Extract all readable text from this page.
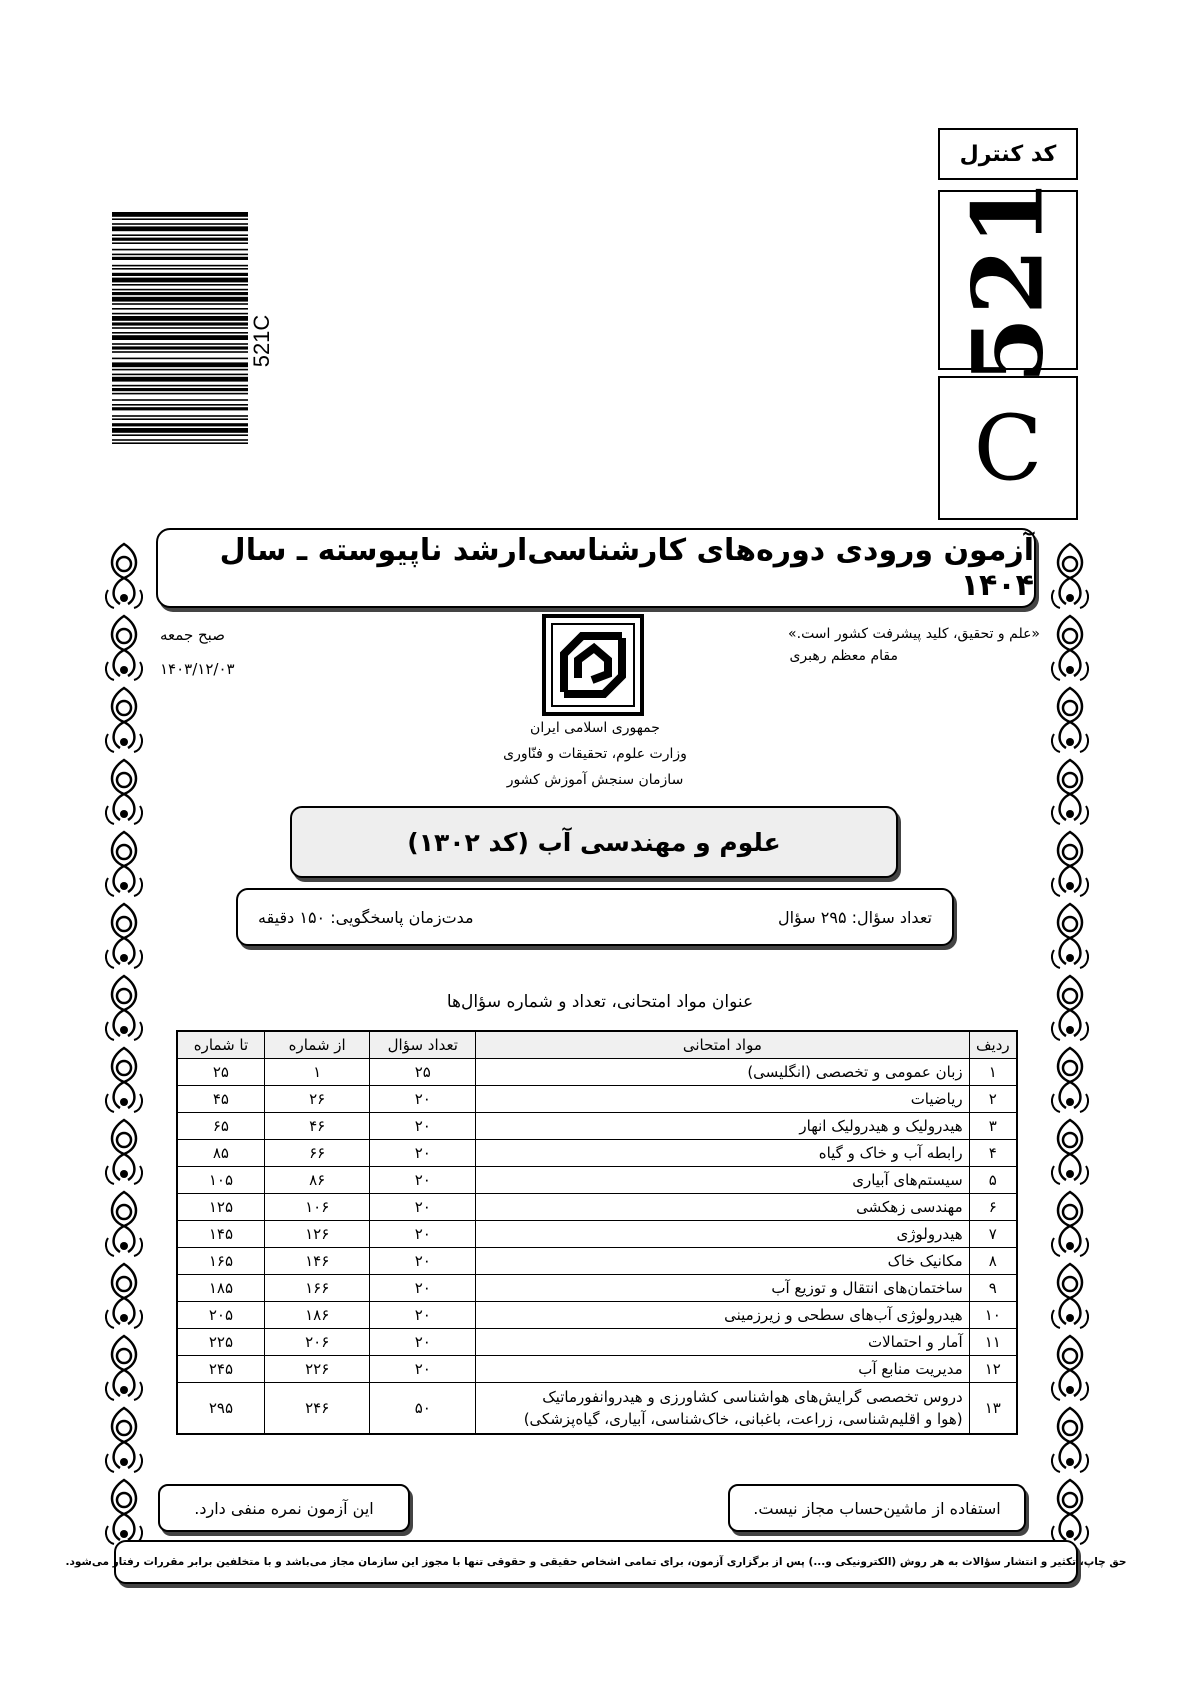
کد کنترل
521
C
521C
آزمون ورودی دوره‌های کارشناسی‌ارشد ناپیوسته ـ سال ۱۴۰۴
«علم و تحقیق، کلید پیشرفت کشور است.»
مقام معظم رهبری
صبح جمعه
۱۴۰۳/۱۲/۰۳
جمهوری اسلامی ایران
وزارت علوم، تحقیقات و فنّاوری
سازمان سنجش آموزش کشور
علوم و مهندسی آب (کد ۱۳۰۲)
تعداد سؤال: ۲۹۵ سؤال
مدت‌زمان پاسخگویی: ۱۵۰ دقیقه
عنوان مواد امتحانی، تعداد و شماره سؤال‌ها
ردیف	مواد امتحانی	تعداد سؤال	از شماره	تا شماره
۱	زبان عمومی و تخصصی (انگلیسی)	۲۵	۱	۲۵
۲	ریاضیات	۲۰	۲۶	۴۵
۳	هیدرولیک و هیدرولیک انهار	۲۰	۴۶	۶۵
۴	رابطه آب و خاک و گیاه	۲۰	۶۶	۸۵
۵	سیستم‌های آبیاری	۲۰	۸۶	۱۰۵
۶	مهندسی زهکشی	۲۰	۱۰۶	۱۲۵
۷	هیدرولوژی	۲۰	۱۲۶	۱۴۵
۸	مکانیک خاک	۲۰	۱۴۶	۱۶۵
۹	ساختمان‌های انتقال و توزیع آب	۲۰	۱۶۶	۱۸۵
۱۰	هیدرولوژی آب‌های سطحی و زیرزمینی	۲۰	۱۸۶	۲۰۵
۱۱	آمار و احتمالات	۲۰	۲۰۶	۲۲۵
۱۲	مدیریت منابع آب	۲۰	۲۲۶	۲۴۵
۱۳	دروس تخصصی گرایش‌های هواشناسی کشاورزی و هیدروانفورماتیک
(هوا و اقلیم‌شناسی، زراعت، باغبانی، خاک‌شناسی، آبیاری، گیاه‌پزشکی)	۵۰	۲۴۶	۲۹۵
این آزمون نمره منفی دارد.	استفاده از ماشین‌حساب مجاز نیست.
حق چاپ، تکثیر و انتشار سؤالات به هر روش (الکترونیکی و...) پس از برگزاری آزمون، برای تمامی اشخاص حقیقی و حقوقی تنها با مجوز این سازمان مجاز می‌باشد و با متخلفین برابر مقررات رفتار می‌شود.
